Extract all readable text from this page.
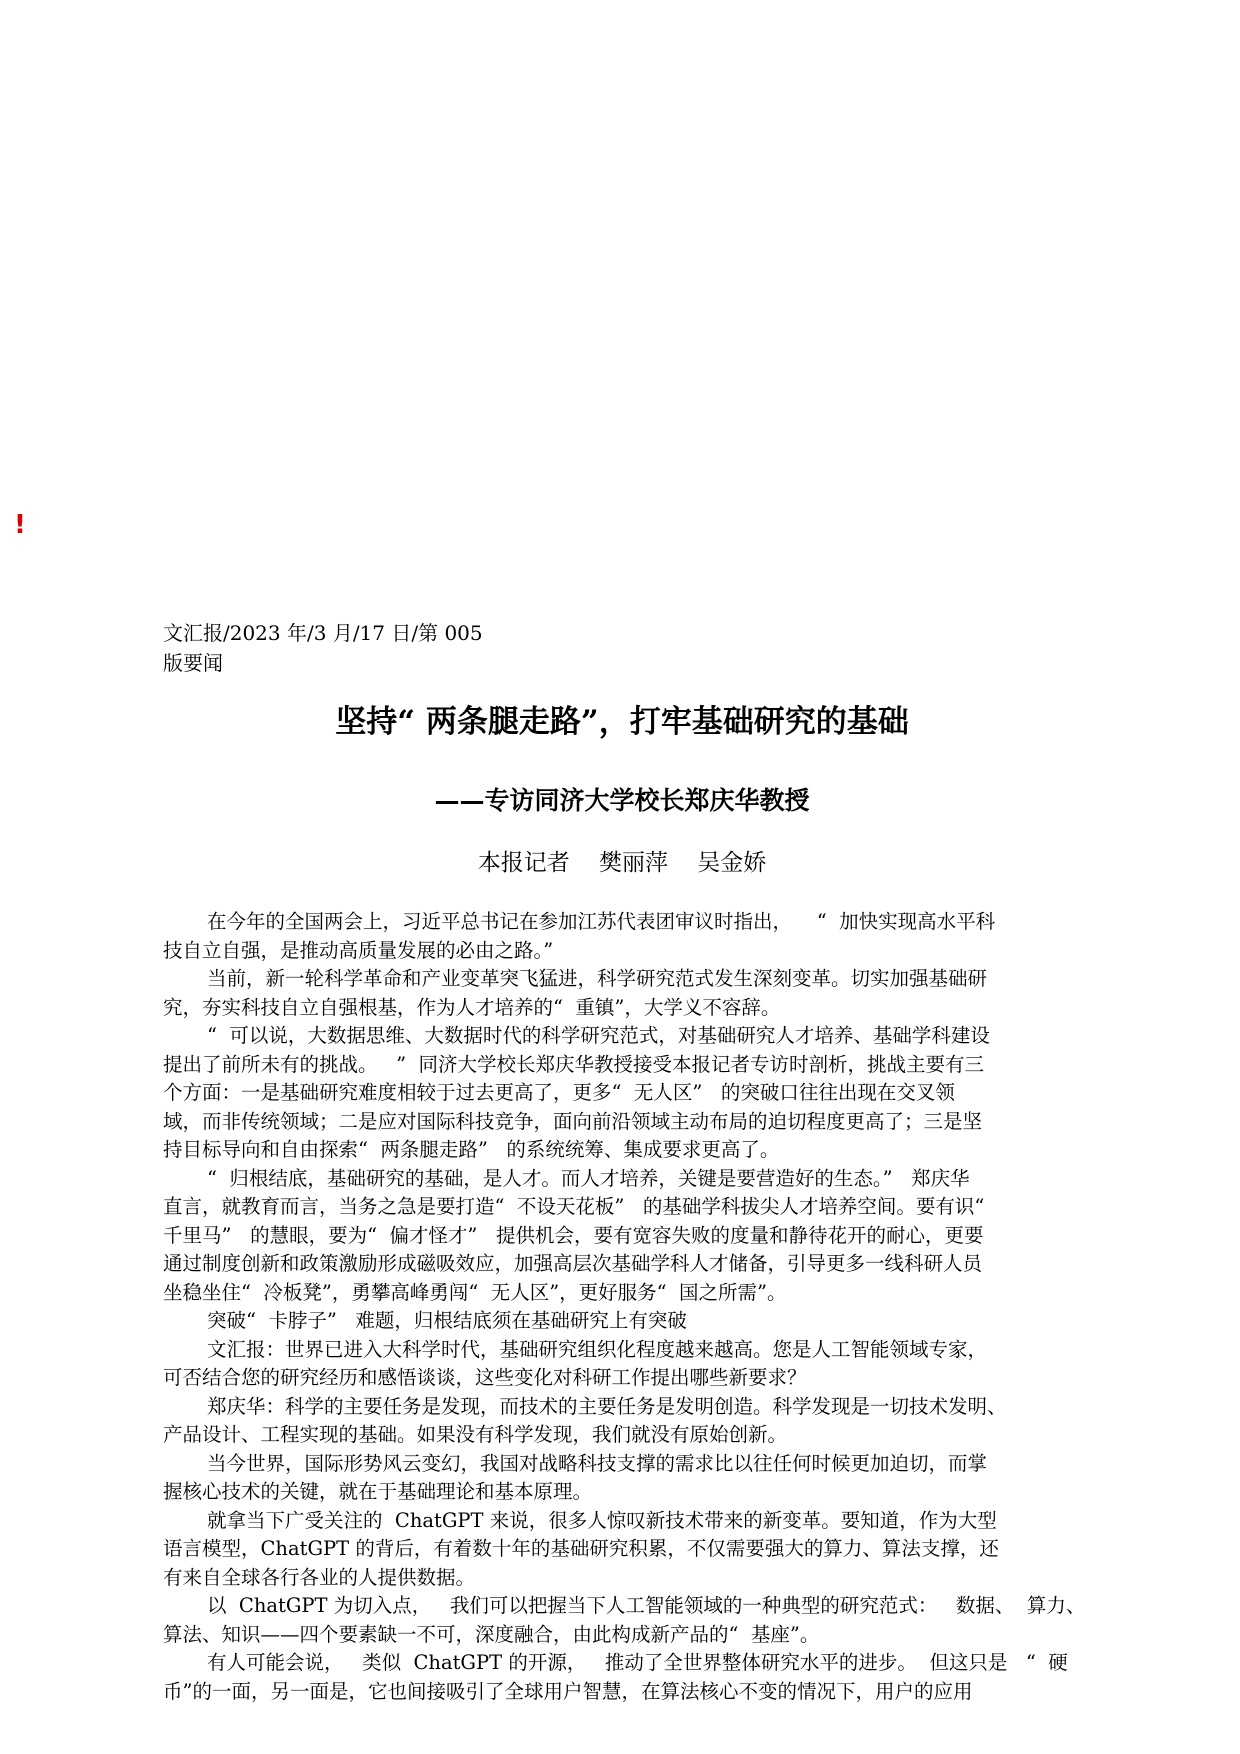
!
文汇报/2023 年/3 月/17 日/第 005
版要闻
坚持“ 两条腿走路”，打牢基础研究的基础
——专访同济大学校长郑庆华教授
本报记者    樊丽萍    吴金娇
在今年的全国两会上，习近平总书记在参加江苏代表团审议时指出，    “  加快实现高水平科
技自立自强，是推动高质量发展的必由之路。”
当前，新一轮科学革命和产业变革突飞猛进，科学研究范式发生深刻变革。切实加强基础研
究，夯实科技自立自强根基，作为人才培养的“  重镇”，大学义不容辞。
“  可以说，大数据思维、大数据时代的科学研究范式，对基础研究人才培养、基础学科建设
提出了前所未有的挑战。   ”  同济大学校长郑庆华教授接受本报记者专访时剖析，挑战主要有三
个方面：一是基础研究难度相较于过去更高了，更多“  无人区”   的突破口往往出现在交叉领
域，而非传统领域；二是应对国际科技竞争，面向前沿领域主动布局的迫切程度更高了；三是坚
持目标导向和自由探索“  两条腿走路”   的系统统筹、集成要求更高了。
“  归根结底，基础研究的基础，是人才。而人才培养，关键是要营造好的生态。”   郑庆华
直言，就教育而言，当务之急是要打造“  不设天花板”   的基础学科拔尖人才培养空间。要有识“
千里马”   的慧眼，要为“  偏才怪才”   提供机会，要有宽容失败的度量和静待花开的耐心，更要
通过制度创新和政策激励形成磁吸效应，加强高层次基础学科人才储备，引导更多一线科研人员
坐稳坐住“  冷板凳”，勇攀高峰勇闯“  无人区”，更好服务“  国之所需”。
突破“  卡脖子”   难题，归根结底须在基础研究上有突破
文汇报：世界已进入大科学时代，基础研究组织化程度越来越高。您是人工智能领域专家，
可否结合您的研究经历和感悟谈谈，这些变化对科研工作提出哪些新要求？
郑庆华：科学的主要任务是发现，而技术的主要任务是发明创造。科学发现是一切技术发明、
产品设计、工程实现的基础。如果没有科学发现，我们就没有原始创新。
当今世界，国际形势风云变幻，我国对战略科技支撑的需求比以往任何时候更加迫切，而掌
握核心技术的关键，就在于基础理论和基本原理。
就拿当下广受关注的  ChatGPT 来说，很多人惊叹新技术带来的新变革。要知道，作为大型
语言模型，ChatGPT 的背后，有着数十年的基础研究积累，不仅需要强大的算力、算法支撑，还
有来自全球各行各业的人提供数据。
以  ChatGPT 为切入点，   我们可以把握当下人工智能领域的一种典型的研究范式：   数据、  算力、
算法、知识——四个要素缺一不可，深度融合，由此构成新产品的“  基座”。
有人可能会说，   类似  ChatGPT 的开源，   推动了全世界整体研究水平的进步。  但这只是   “  硬
币”的一面，另一面是，它也间接吸引了全球用户智慧，在算法核心不变的情况下，用户的应用
